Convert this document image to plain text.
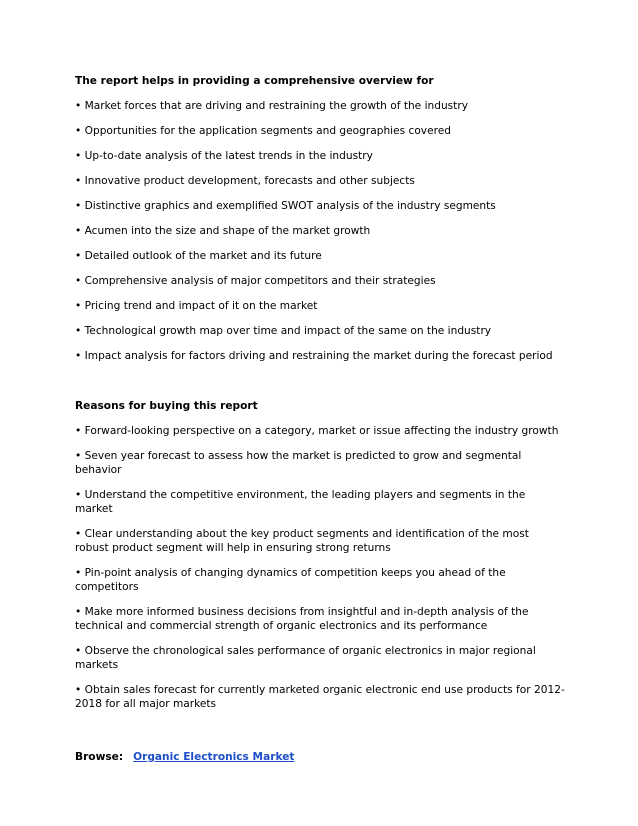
The report helps in providing a comprehensive overview for
• Market forces that are driving and restraining the growth of the industry
• Opportunities for the application segments and geographies covered
• Up-to-date analysis of the latest trends in the industry
• Innovative product development, forecasts and other subjects
• Distinctive graphics and exemplified SWOT analysis of the industry segments
• Acumen into the size and shape of the market growth
• Detailed outlook of the market and its future
• Comprehensive analysis of major competitors and their strategies
• Pricing trend and impact of it on the market
• Technological growth map over time and impact of the same on the industry
• Impact analysis for factors driving and restraining the market during the forecast period
Reasons for buying this report
• Forward-looking perspective on a category, market or issue affecting the industry growth
• Seven year forecast to assess how the market is predicted to grow and segmental behavior
• Understand the competitive environment, the leading players and segments in the market
• Clear understanding about the key product segments and identification of the most robust product segment will help in ensuring strong returns
• Pin-point analysis of changing dynamics of competition keeps you ahead of the competitors
• Make more informed business decisions from insightful and in-depth analysis of the technical and commercial strength of organic electronics and its performance
• Observe the chronological sales performance of organic electronics in major regional markets
• Obtain sales forecast for currently marketed organic electronic end use products for 2012-2018 for all major markets
Browse: Organic Electronics Market
